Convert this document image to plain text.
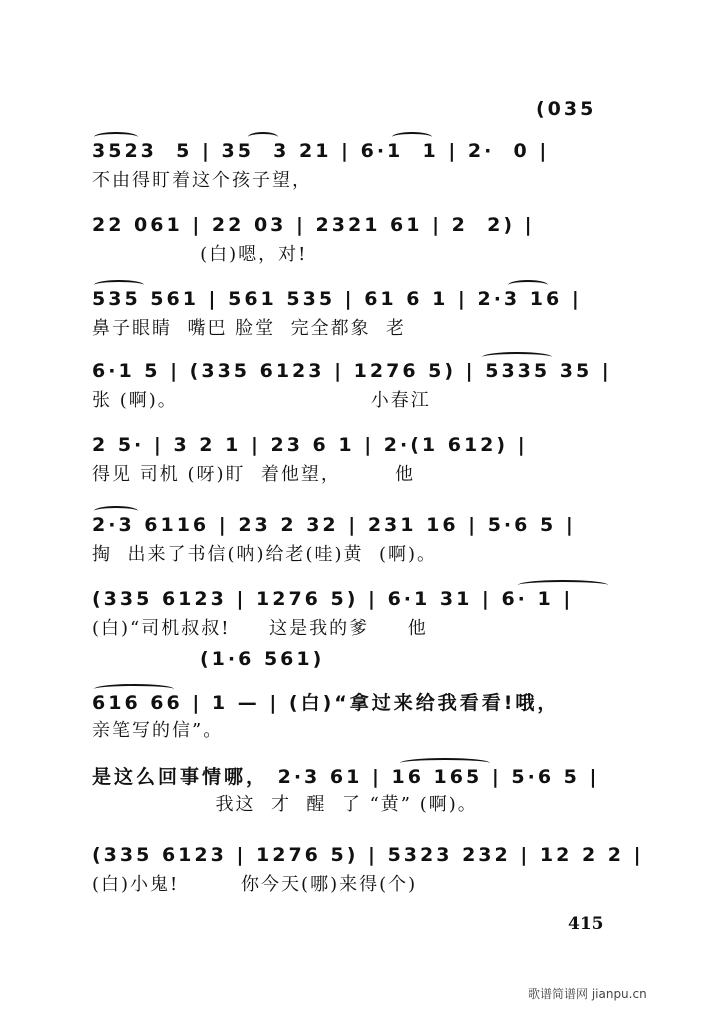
(035
3523  5 | 35  3 21 | 6·1  1 | 2·  0 |
不由得盯着这个孩子望，
22 061 | 22 03 | 2321 61 | 2  2) |
(白)嗯，对!
535 561 | 561 535 | 61 6 1 | 2·3 16 |
鼻子眼睛  嘴巴 脸堂  完全都象  老
6·1 5 | (335 6123 | 1276 5) | 5335 35 |
张 (啊)。                         小春江
2 5· | 3 2 1 | 23 6 1 | 2·(1 612) |
得见 司机 (呀)盯  着他望，       他
2·3 6116 | 23 2 32 | 231 16 | 5·6 5 |
掏  出来了书信(呐)给老(哇)黄  (啊)。
(335 6123 | 1276 5) | 6·1 31 | 6· 1 |
(白)“司机叔叔!     这是我的爹     他
(1·6 561)
616 66 | 1 — | (白)“拿过来给我看看!哦，
亲笔写的信”。
是这么回事情哪， 2·3 61 | 16 165 | 5·6 5 |
我这  才  醒  了 “黄” (啊)。
(335 6123 | 1276 5) | 5323 232 | 12 2 2 |
(白)小鬼!        你今天(哪)来得(个)
415
歌谱简谱网 jianpu.cn
